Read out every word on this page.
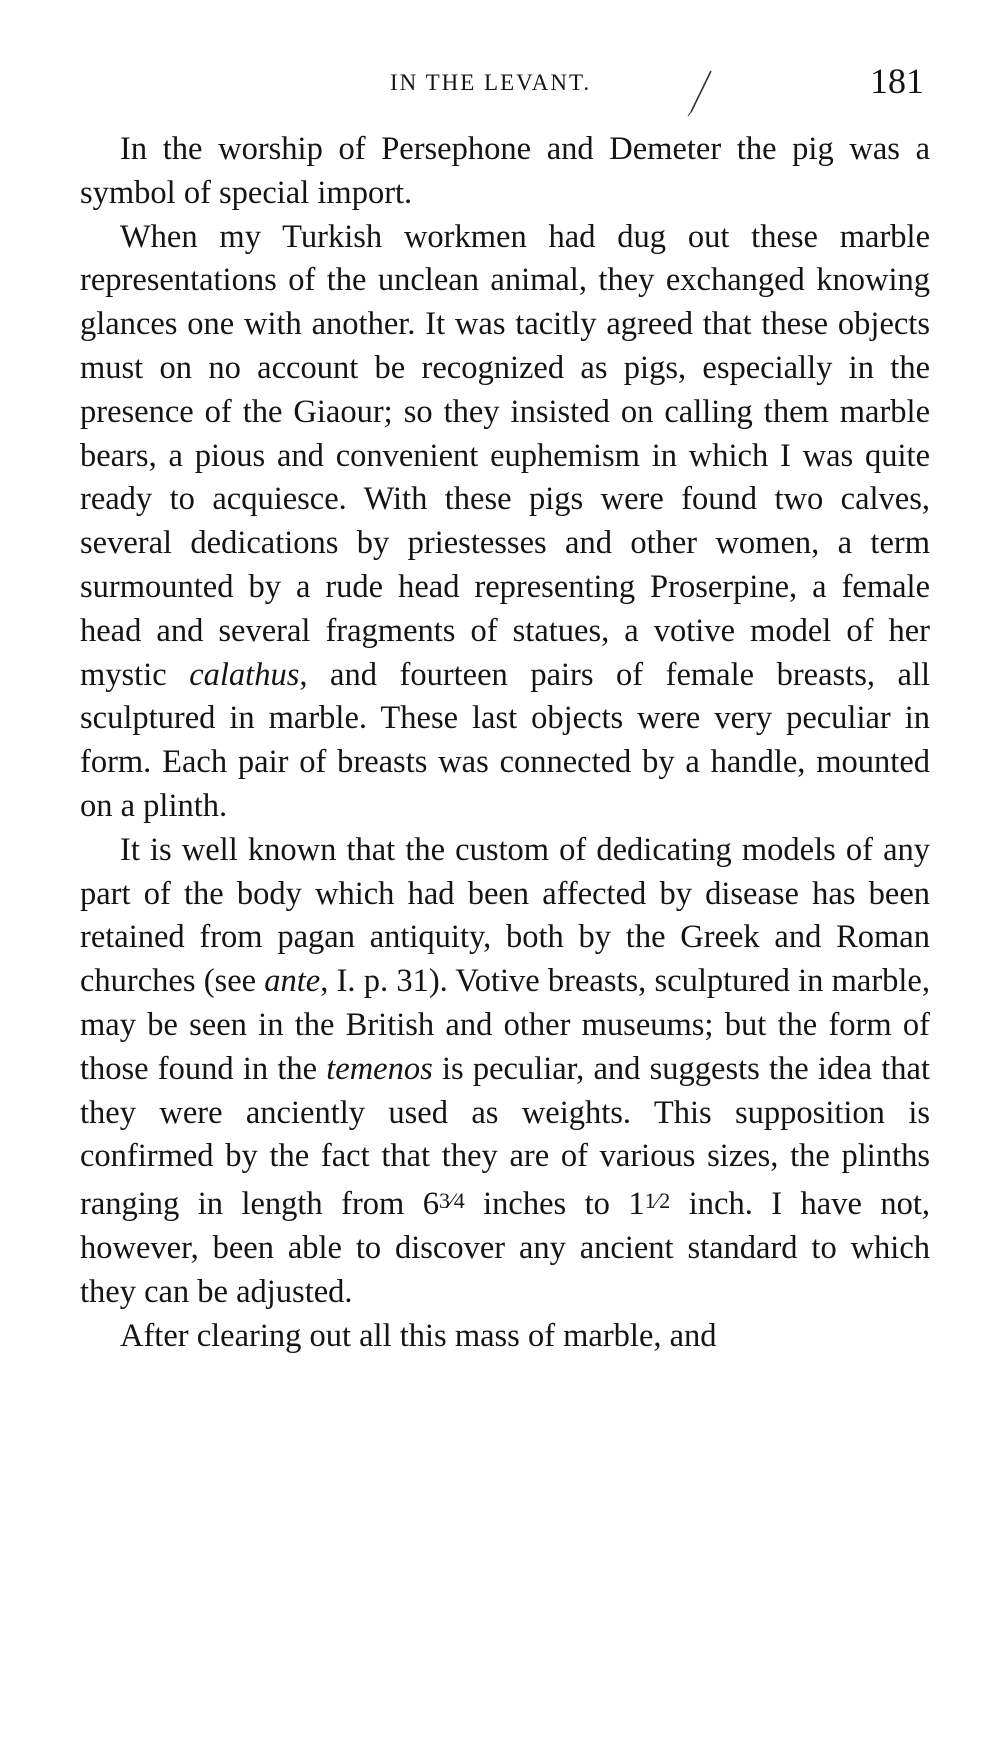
IN THE LEVANT.	181

In the worship of Persephone and Demeter the pig was a symbol of special import.

When my Turkish workmen had dug out these marble representations of the unclean animal, they exchanged knowing glances one with another. It was tacitly agreed that these objects must on no account be recognized as pigs, especially in the presence of the Giaour; so they insisted on calling them marble bears, a pious and convenient euphemism in which I was quite ready to acquiesce. With these pigs were found two calves, several dedications by priestesses and other women, a term surmounted by a rude head representing Proserpine, a female head and several fragments of statues, a votive model of her mystic calathus, and fourteen pairs of female breasts, all sculptured in marble. These last objects were very peculiar in form. Each pair of breasts was connected by a handle, mounted on a plinth.

It is well known that the custom of dedicating models of any part of the body which had been affected by disease has been retained from pagan antiquity, both by the Greek and Roman churches (see ante, I. p. 31). Votive breasts, sculptured in marble, may be seen in the British and other museums; but the form of those found in the temenos is peculiar, and suggests the idea that they were anciently used as weights. This supposition is confirmed by the fact that they are of various sizes, the plinths ranging in length from 63⁄4 inches to 11⁄2 inch. I have not, however, been able to discover any ancient standard to which they can be adjusted.

After clearing out all this mass of marble, and
